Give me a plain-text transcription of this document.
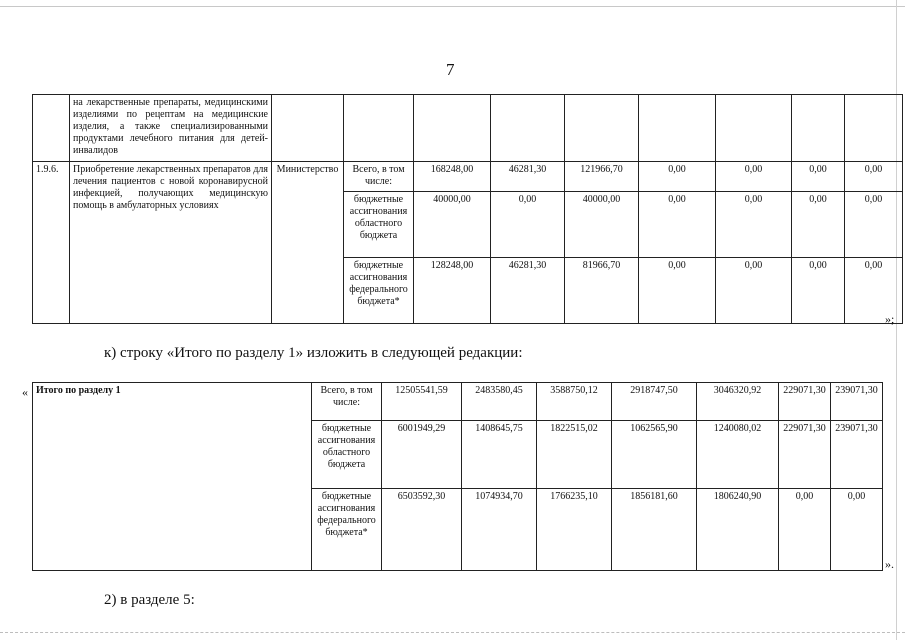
7
	на лекарственные препараты, медицинскими изделиями по рецептам на медицинские изделия, а также специализированными продуктами лечебного питания для детей-инвалидов									
1.9.6.	Приобретение лекарственных препаратов для лечения пациентов с новой коронавирусной инфекцией, получающих медицинскую помощь в амбулаторных условиях	Министерство	Всего, в том числе:	168248,00	46281,30	121966,70	0,00	0,00	0,00	0,00
			бюджетные ассигнования областного бюджета	40000,00	0,00	40000,00	0,00	0,00	0,00	0,00
			бюджетные ассигнования федерального бюджета*	128248,00	46281,30	81966,70	0,00	0,00	0,00	0,00
»;
к) строку «Итого по разделу 1» изложить в следующей редакции:
« Итого по разделу 1	Всего, в том числе:	12505541,59	2483580,45	3588750,12	2918747,50	3046320,92	229071,30	239071,30
	бюджетные ассигнования областного бюджета	6001949,29	1408645,75	1822515,02	1062565,90	1240080,02	229071,30	239071,30
	бюджетные ассигнования федерального бюджета*	6503592,30	1074934,70	1766235,10	1856181,60	1806240,90	0,00	0,00
».
2) в разделе 5:
